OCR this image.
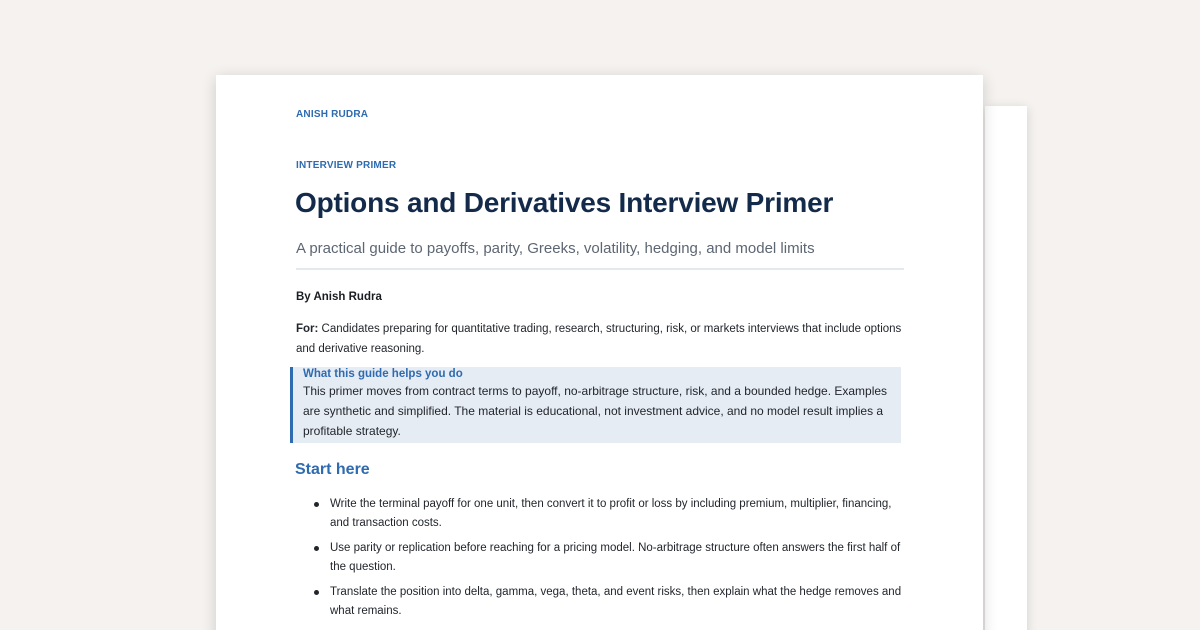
ANISH RUDRA
INTERVIEW PRIMER
Options and Derivatives Interview Primer
A practical guide to payoffs, parity, Greeks, volatility, hedging, and model limits
By Anish Rudra

For: Candidates preparing for quantitative trading, research, structuring, risk, or markets interviews that include options and derivative reasoning.

What this guide helps you do
This primer moves from contract terms to payoff, no-arbitrage structure, risk, and a bounded hedge. Examples are synthetic and simplified. The material is educational, not investment advice, and no model result implies a profitable strategy.
Start here
Write the terminal payoff for one unit, then convert it to profit or loss by including premium, multiplier, financing, and transaction costs.
Use parity or replication before reaching for a pricing model. No-arbitrage structure often answers the first half of the question.
Translate the position into delta, gamma, vega, theta, and event risks, then explain what the hedge removes and what remains.
